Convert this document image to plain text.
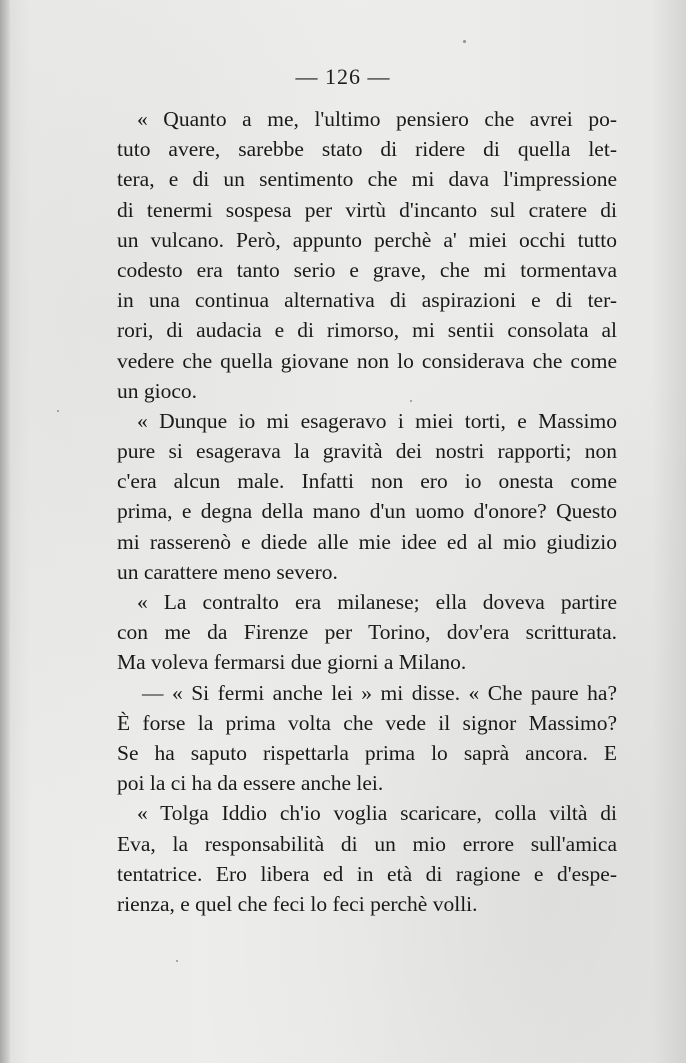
— 126 —
« Quanto a me, l'ultimo pensiero che avrei po-
tuto avere, sarebbe stato di ridere di quella let-
tera, e di un sentimento che mi dava l'impressione
di tenermi sospesa per virtù d'incanto sul cratere di
un vulcano. Però, appunto perchè a' miei occhi tutto
codesto era tanto serio e grave, che mi tormentava
in una continua alternativa di aspirazioni e di ter-
rori, di audacia e di rimorso, mi sentii consolata al
vedere che quella giovane non lo considerava che come
un gioco.
« Dunque io mi esageravo i miei torti, e Massimo
pure si esagerava la gravità dei nostri rapporti; non
c'era alcun male. Infatti non ero io onesta come
prima, e degna della mano d'un uomo d'onore? Questo
mi rasserenò e diede alle mie idee ed al mio giudizio
un carattere meno severo.
« La contralto era milanese; ella doveva partire
con me da Firenze per Torino, dov'era scritturata.
Ma voleva fermarsi due giorni a Milano.
— « Si fermi anche lei » mi disse. « Che paure ha?
È forse la prima volta che vede il signor Massimo?
Se ha saputo rispettarla prima lo saprà ancora. E
poi la ci ha da essere anche lei.
« Tolga Iddio ch'io voglia scaricare, colla viltà di
Eva, la responsabilità di un mio errore sull'amica
tentatrice. Ero libera ed in età di ragione e d'espe-
rienza, e quel che feci lo feci perchè volli.
